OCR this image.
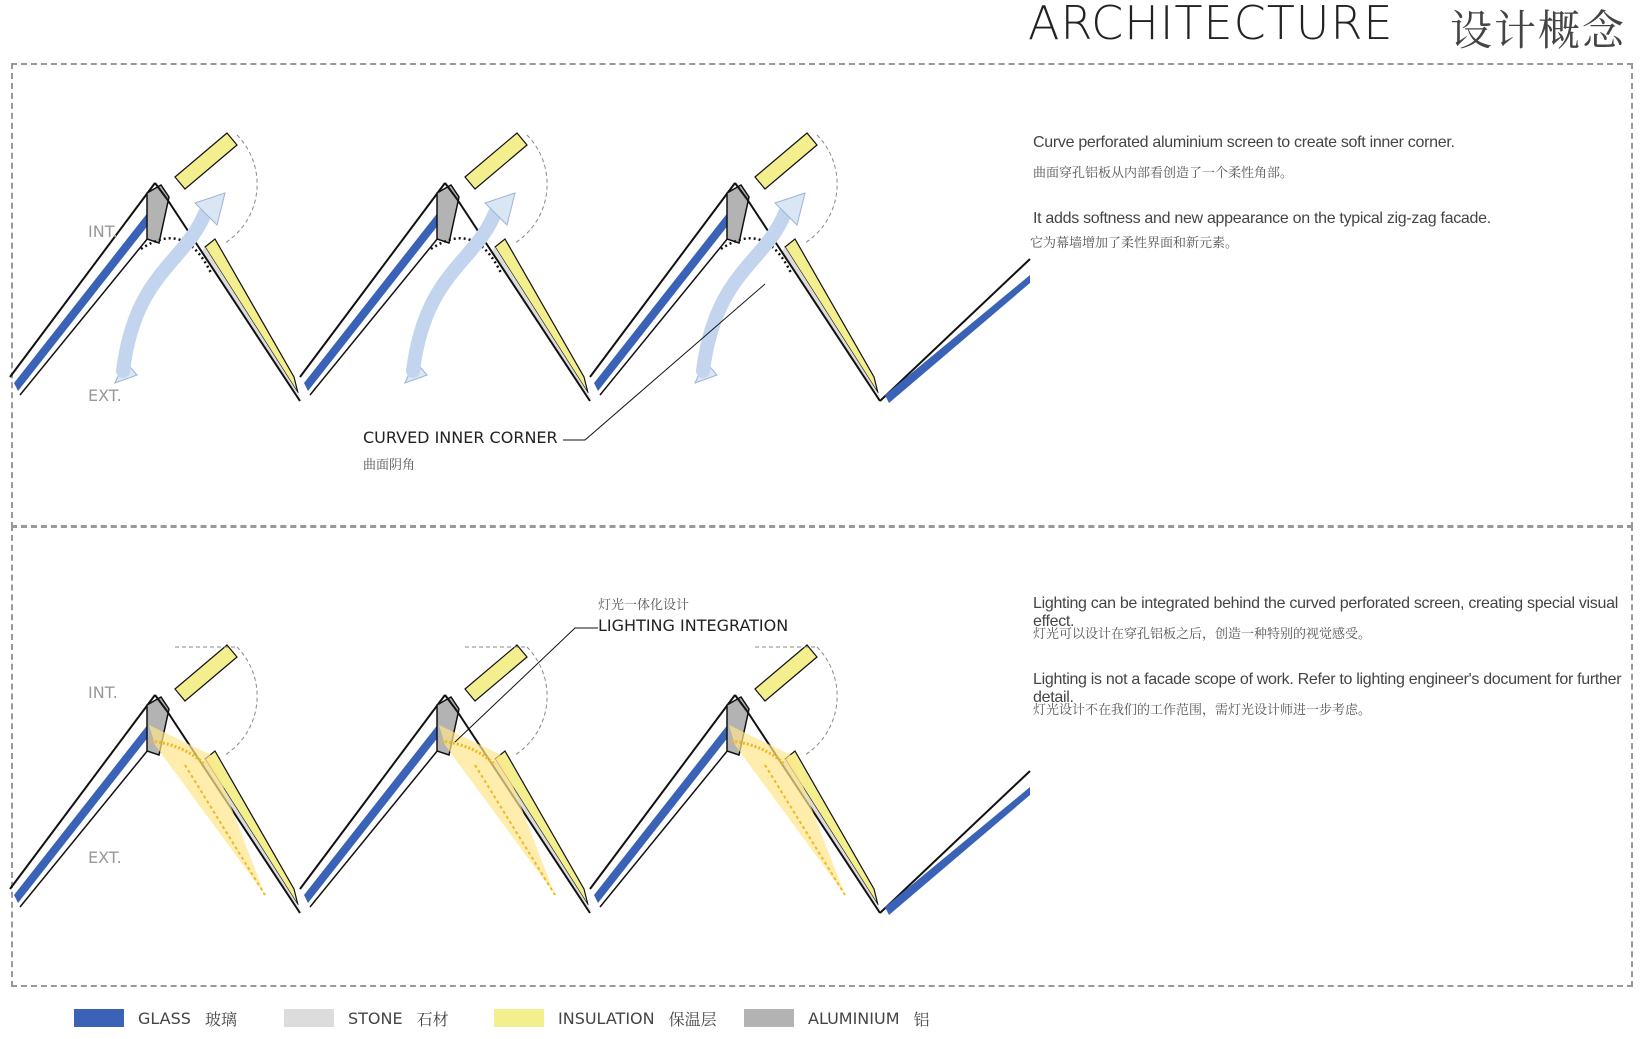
ARCHITECTURE 设计概念
INT.
EXT.
INT.
EXT.
CURVED INNER CORNER
曲面阴角
灯光一体化设计
LIGHTING INTEGRATION
Curve perforated aluminium screen to create soft inner corner.
曲面穿孔铝板从内部看创造了一个柔性角部。
It adds softness and new appearance on the typical zig-zag facade.
它为幕墙增加了柔性界面和新元素。
Lighting can be integrated behind the curved perforated screen, creating special visual effect.
灯光可以设计在穿孔铝板之后，创造一种特别的视觉感受。
Lighting is not a facade scope of work. Refer to lighting engineer's document for further detail.
灯光设计不在我们的工作范围，需灯光设计师进一步考虑。
GLASS 玻璃	STONE 石材	INSULATION 保温层	ALUMINIUM 铝
